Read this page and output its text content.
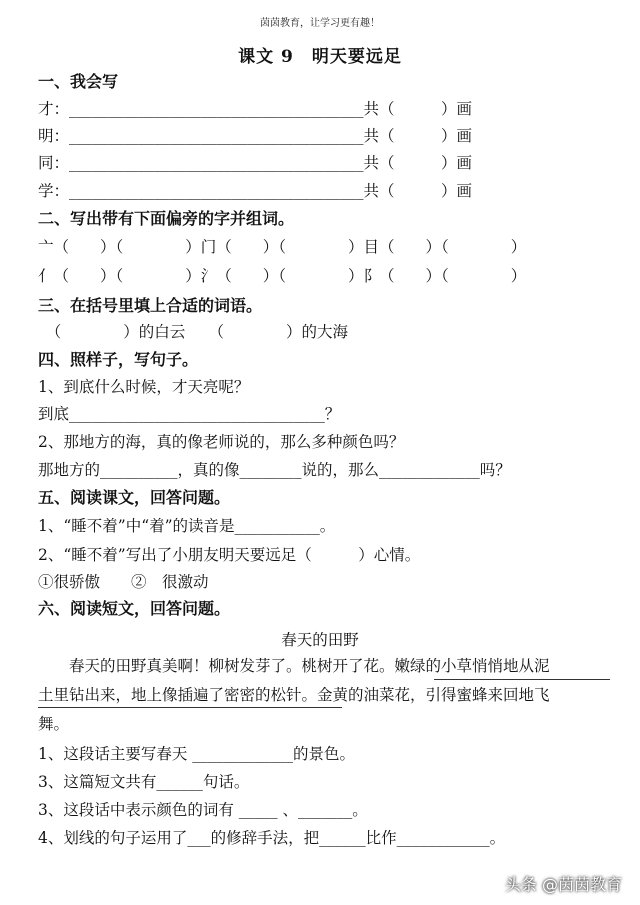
茵茵教育，让学习更有趣！
课文 9　明天要远足
一、我会写
才：______________________________________共（　　　）画
明：______________________________________共（　　　）画
同：______________________________________共（　　　）画
学：______________________________________共（　　　）画
二、写出带有下面偏旁的字并组词。
亠（　　）（　　　　）门（　　）（　　　　）目（　　）（　　　　）
亻（　　）（　　　　）氵（　　）（　　　　）阝（　　）（　　　　）
三、在括号里填上合适的词语。
　（　　　　）的白云　　（　　　　）的大海
四、照样子，写句子。
1、到底什么时候，才天亮呢？
到底_________________________________？
2、那地方的海，真的像老师说的，那么多种颜色吗？
那地方的__________，真的像________说的，那么_____________吗？
五、阅读课文，回答问题。
1、“睡不着”中“着”的读音是___________。
2、“睡不着”写出了小朋友明天要远足（　　　）心情。
①很骄傲　　②　很激动
六、阅读短文，回答问题。
春天的田野
　　春天的田野真美啊！柳树发芽了。桃树开了花。嫩绿的小草悄悄地从泥
土里钻出来，地上像插遍了密密的松针。金黄的油菜花，引得蜜蜂来回地飞
舞。
1、这段话主要写春天 _____________的景色。
3、这篇短文共有______句话。
3、这段话中表示颜色的词有 _____ 、_______。
4、划线的句子运用了___的修辞手法，把______比作____________。
头条 @茵茵教育
